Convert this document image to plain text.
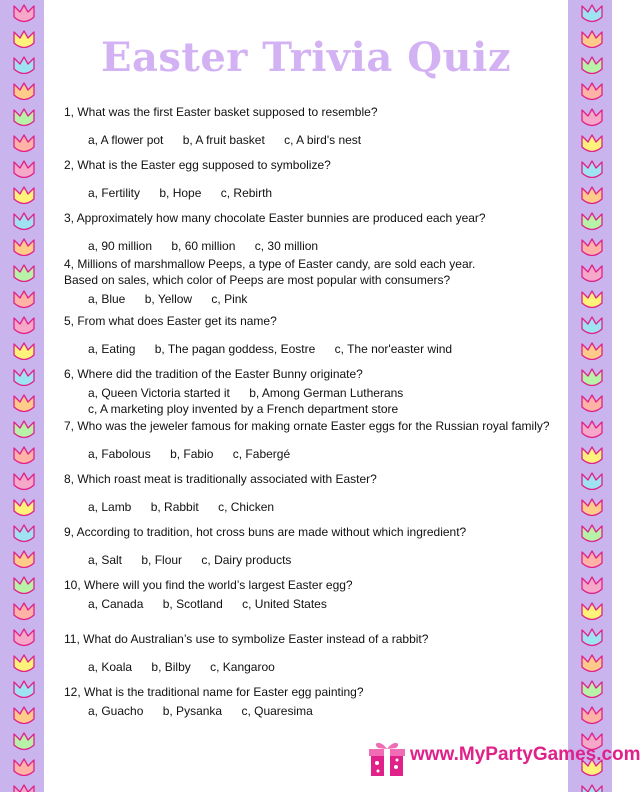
Easter Trivia Quiz
1, What was the first Easter basket supposed to resemble?
a, A flower pot b, A fruit basket c, A bird's nest
2, What is the Easter egg supposed to symbolize?
a, Fertility b, Hope c, Rebirth
3, Approximately how many chocolate Easter bunnies are produced each year?
a, 90 million b, 60 million c, 30 million
4, Millions of marshmallow Peeps, a type of Easter candy, are sold each year.
Based on sales, which color of Peeps are most popular with consumers?
a, Blue b, Yellow c, Pink
5, From what does Easter get its name?
a, Eating b, The pagan goddess, Eostre c, The nor'easter wind
6, Where did the tradition of the Easter Bunny originate?
a, Queen Victoria started it b, Among German Lutherans
c, A marketing ploy invented by a French department store
7, Who was the jeweler famous for making ornate Easter eggs for the Russian royal family?
a, Fabolous b, Fabio c, Fabergé
8, Which roast meat is traditionally associated with Easter?
a, Lamb b, Rabbit c, Chicken
9, According to tradition, hot cross buns are made without which ingredient?
a, Salt b, Flour c, Dairy products
10, Where will you find the world’s largest Easter egg?
a, Canada b, Scotland c, United States
11, What do Australian’s use to symbolize Easter instead of a rabbit?
a, Koala b, Bilby c, Kangaroo
12, What is the traditional name for Easter egg painting?
a, Guacho b, Pysanka c, Quaresima
www.MyPartyGames.com
